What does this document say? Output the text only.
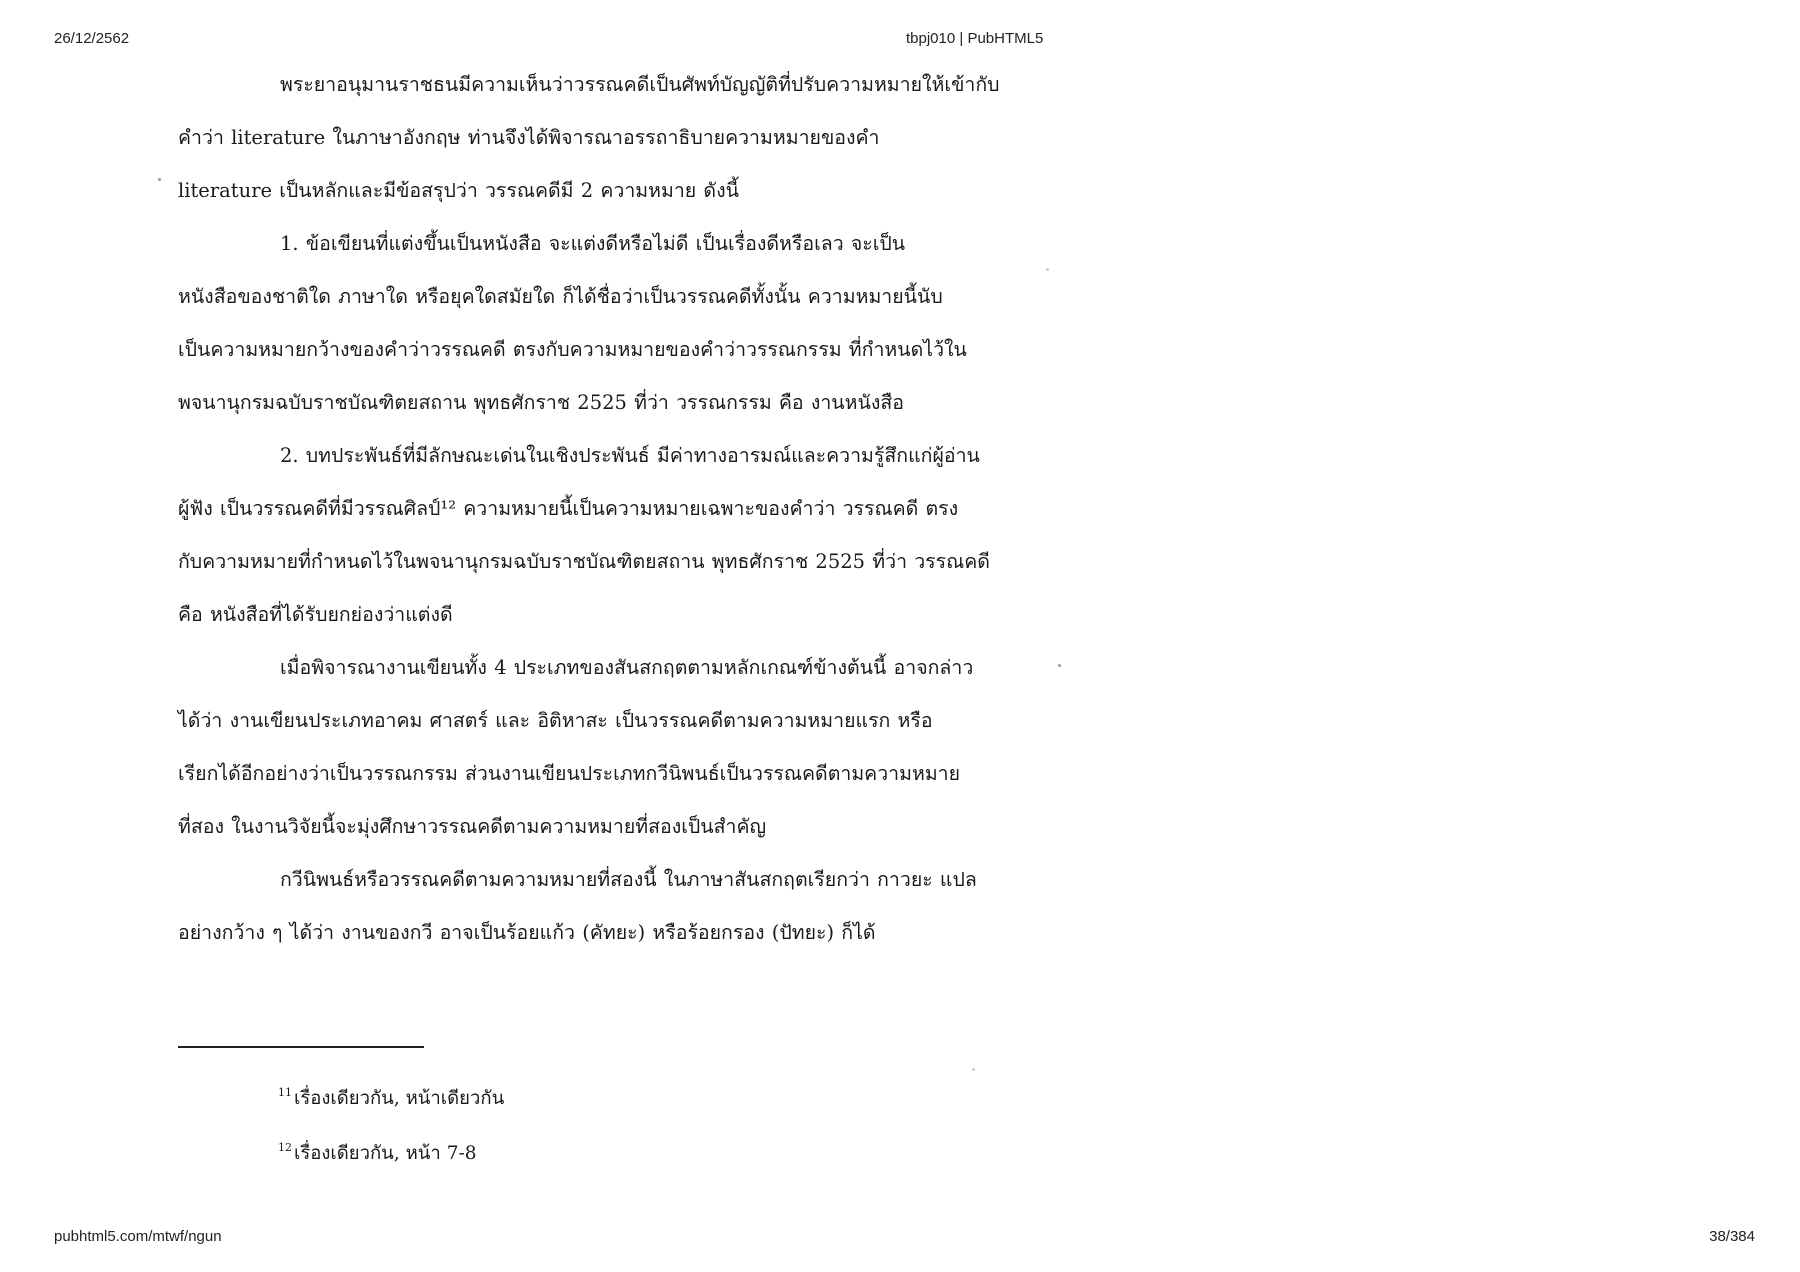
26/12/2562	tbpj010 | PubHTML5

พระยาอนุมานราชธนมีความเห็นว่าวรรณคดีเป็นศัพท์บัญญัติที่ปรับความหมายให้เข้ากับ

คำว่า literature ในภาษาอังกฤษ ท่านจึงได้พิจารณาอรรถาธิบายความหมายของคำ
literature เป็นหลักและมีข้อสรุปว่า วรรณคดีมี 2 ความหมาย ดังนี้

1. ข้อเขียนที่แต่งขึ้นเป็นหนังสือ จะแต่งดีหรือไม่ดี เป็นเรื่องดีหรือเลว จะเป็น

หนังสือของชาติใด ภาษาใด หรือยุคใดสมัยใด ก็ได้ชื่อว่าเป็นวรรณคดีทั้งนั้น ความหมายนี้นับ
เป็นความหมายกว้างของคำว่าวรรณคดี ตรงกับความหมายของคำว่าวรรณกรรม ที่กำหนดไว้ใน
พจนานุกรมฉบับราชบัณฑิตยสถาน พุทธศักราช 2525 ที่ว่า วรรณกรรม คือ งานหนังสือ

2. บทประพันธ์ที่มีลักษณะเด่นในเชิงประพันธ์ มีค่าทางอารมณ์และความรู้สึกแก่ผู้อ่าน

ผู้ฟัง เป็นวรรณคดีที่มีวรรณศิลป์¹² ความหมายนี้เป็นความหมายเฉพาะของคำว่า วรรณคดี ตรง
กับความหมายที่กำหนดไว้ในพจนานุกรมฉบับราชบัณฑิตยสถาน พุทธศักราช 2525 ที่ว่า วรรณคดี
คือ หนังสือที่ได้รับยกย่องว่าแต่งดี

เมื่อพิจารณางานเขียนทั้ง 4 ประเภทของสันสกฤตตามหลักเกณฑ์ข้างต้นนี้ อาจกล่าว

ได้ว่า งานเขียนประเภทอาคม ศาสตร์ และ อิติหาสะ เป็นวรรณคดีตามความหมายแรก หรือ
เรียกได้อีกอย่างว่าเป็นวรรณกรรม ส่วนงานเขียนประเภทกวีนิพนธ์เป็นวรรณคดีตามความหมาย
ที่สอง ในงานวิจัยนี้จะมุ่งศึกษาวรรณคดีตามความหมายที่สองเป็นสำคัญ

กวีนิพนธ์หรือวรรณคดีตามความหมายที่สองนี้ ในภาษาสันสกฤตเรียกว่า กาวยะ แปล

อย่างกว้าง ๆ ได้ว่า งานของกวี อาจเป็นร้อยแก้ว (คัทยะ) หรือร้อยกรอง (ปัทยะ) ก็ได้

$^{11}$ เรื่องเดียวกัน, หน้าเดียวกัน
$^{12}$ เรื่องเดียวกัน, หน้า 7-8
pubhtml5.com/mtwf/ngun	38/384
